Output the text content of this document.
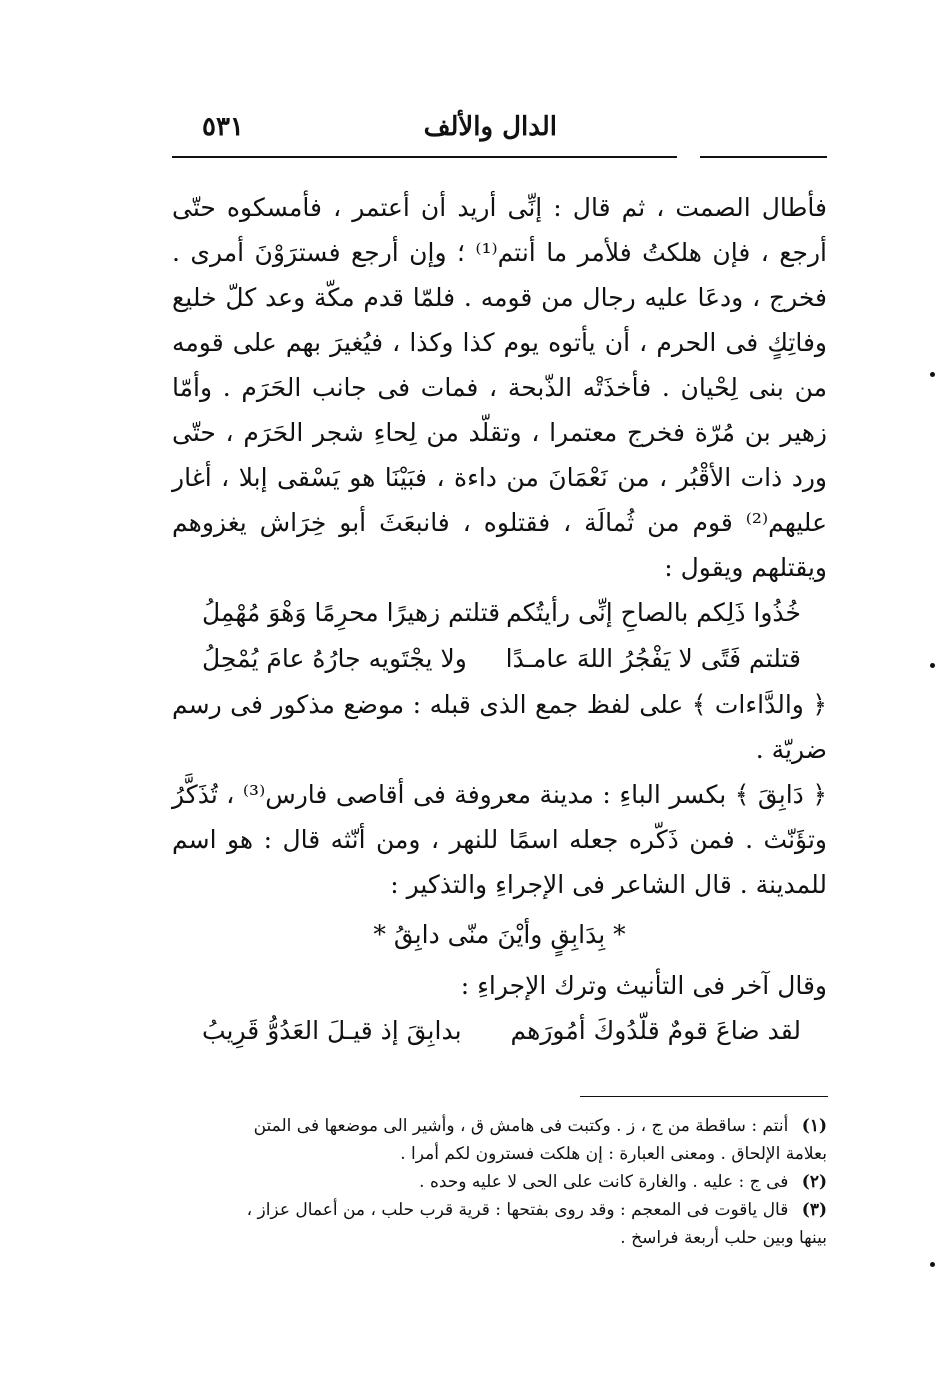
الدال والألف
٥٣١

فأطال الصمت ، ثم قال : إنِّى أريد أن أعتمر ، فأمسكوه حتّى أرجع ، فإن هلكتُ فلأمر ما أنتم⁽¹⁾ ؛ وإن أرجع فسترَوْنَ أمرى . فخرج ، ودعَا عليه رجال من قومه . فلمّا قدم مكّة وعد كلّ خليع وفاتِكٍ فى الحرم ، أن يأتوه يوم كذا وكذا ، فيُغيرَ بهم على قومه من بنى لِحْيان . فأخذَتْه الذّبحة ، فمات فى جانب الحَرَم . وأمّا زهير بن مُرّة فخرج معتمرا ، وتقلّد من لِحاءِ شجر الحَرَم ، حتّى ورد ذات الأقْبُر ، من نَعْمَانَ من داءة ، فبَيْنَا هو يَسْقى إبلا ، أغار عليهم⁽²⁾ قوم من ثُمالَة ، فقتلوه ، فانبعَثَ أبو خِرَاش يغزوهم ويقتلهم ويقول :

خُذُوا ذَلِكم بالصاحِ إنِّى رأيتُكم
قتلتم زهيرًا محرِمًا وَهْوَ مُهْمِلُ
قتلتم فَتًى لا يَفْجُرُ اللهَ عامـدًا
ولا يجْتَويه جارُهُ عامَ يُمْحِلُ

﴿ والدَّاءات ﴾ على لفظ جمع الذى قبله : موضع مذكور فى رسم ضريّة .

﴿ دَابِقَ ﴾ بكسر الباءِ : مدينة معروفة فى أقاصى فارس⁽³⁾ ، تُذَكَّرُ وتؤَنّث . فمن ذَكّره جعله اسمًا للنهر ، ومن أنّثه قال : هو اسم للمدينة . قال الشاعر فى الإجراءِ والتذكير :

* بِدَابِقٍ وأيْنَ منّى دابِقُ *

وقال آخر فى التأنيث وترك الإجراءِ :

لقد ضاعَ قومٌ قلّدُوكَ أمُورَهم
بدابِقَ إذ قيـلَ العَدُوُّ قَرِيبُ

(١) أنتم : ساقطة من ج ، ز . وكتبت فى هامش ق ، وأشير الى موضعها فى المتن

بعلامة الإلحاق . ومعنى العبارة : إن هلكت فسترون لكم أمرا .

(٢) فى ج : عليه . والغارة كانت على الحى لا عليه وحده .

(٣) قال ياقوت فى المعجم : وقد روى بفتحها : قرية قرب حلب ، من أعمال عزاز ،

بينها وبين حلب أربعة فراسخ .
